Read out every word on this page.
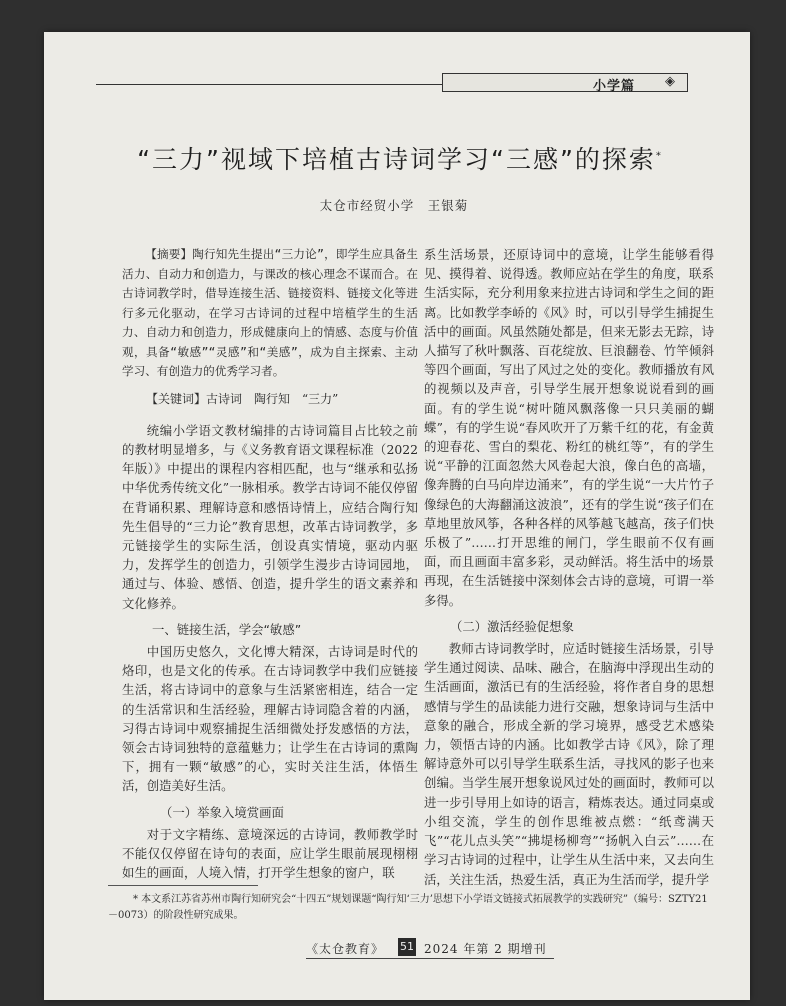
小学篇 ◈
“三力”视域下培植古诗词学习“三感”的探索*
太仓市经贸小学　王银菊

【摘要】陶行知先生提出“三力论”，即学生应具备生活力、自动力和创造力，与课改的核心理念不谋而合。在古诗词教学时，借导连接生活、链接资料、链接文化等进行多元化驱动，在学习古诗词的过程中培植学生的生活力、自动力和创造力，形成健康向上的情感、态度与价值观，具备“敏感”“灵感”和“美感”，成为自主探索、主动学习、有创造力的优秀学习者。

【关键词】古诗词　陶行知　“三力”

统编小学语文教材编排的古诗词篇目占比较之前的教材明显增多，与《义务教育语文课程标准（2022年版）》中提出的课程内容相匹配，也与“继承和弘扬中华优秀传统文化”一脉相承。教学古诗词不能仅停留在背诵积累、理解诗意和感悟诗情上，应结合陶行知先生倡导的“三力论”教育思想，改革古诗词教学，多元链接学生的实际生活，创设真实情境，驱动内驱力，发挥学生的创造力，引领学生漫步古诗词园地，通过与、体验、感悟、创造，提升学生的语文素养和文化修养。

一、链接生活，学会“敏感”

中国历史悠久，文化博大精深，古诗词是时代的烙印，也是文化的传承。在古诗词教学中我们应链接生活，将古诗词中的意象与生活紧密相连，结合一定的生活常识和生活经验，理解古诗词隐含着的内涵，习得古诗词中观察捕捉生活细微处抒发感悟的方法，领会古诗词独特的意蕴魅力；让学生在古诗词的熏陶下，拥有一颗“敏感”的心，实时关注生活，体悟生活，创造美好生活。

（一）举象入境赏画面

对于文字精练、意境深远的古诗词，教师教学时不能仅仅停留在诗句的表面，应让学生眼前展现栩栩如生的画面，人境入情，打开学生想象的窗户，联

系生活场景，还原诗词中的意境，让学生能够看得见、摸得着、说得透。教师应站在学生的角度，联系生活实际，充分利用象来拉进古诗词和学生之间的距离。比如教学李峤的《风》时，可以引导学生捕捉生活中的画面。风虽然随处都是，但来无影去无踪，诗人描写了秋叶飘落、百花绽放、巨浪翻卷、竹竿倾斜等四个画面，写出了风过之处的变化。教师播放有风的视频以及声音，引导学生展开想象说说看到的画面。有的学生说“树叶随风飘落像一只只美丽的蝴蝶”，有的学生说“春风吹开了万紫千红的花，有金黄的迎春花、雪白的梨花、粉红的桃红等”，有的学生说“平静的江面忽然大风卷起大浪，像白色的高墙，像奔腾的白马向岸边涌来”，有的学生说“一大片竹子像绿色的大海翻涌这波浪”，还有的学生说“孩子们在草地里放风筝，各种各样的风筝越飞越高，孩子们快乐极了”……打开思维的闸门，学生眼前不仅有画面，而且画面丰富多彩，灵动鲜活。将生活中的场景再现，在生活链接中深刻体会古诗的意境，可谓一举多得。

（二）激活经验促想象

教师古诗词教学时，应适时链接生活场景，引导学生通过阅读、品味、融合，在脑海中浮现出生动的生活画面，激活已有的生活经验，将作者自身的思想感情与学生的品读能力进行交融，想象诗词与生活中意象的融合，形成全新的学习境界，感受艺术感染力，领悟古诗的内涵。比如教学古诗《风》，除了理解诗意外可以引导学生联系生活，寻找风的影子也来创编。当学生展开想象说风过处的画面时，教师可以进一步引导用上如诗的语言，精炼表达。通过同桌或小组交流，学生的创作思维被点燃：“纸鸢满天飞”“花儿点头笑”“拂堤杨柳弯”“扬帆入白云”……在学习古诗词的过程中，让学生从生活中来，又去向生活，关注生活，热爱生活，真正为生活而学，提升学

* 本文系江苏省苏州市陶行知研究会“十四五”规划课题“陶行知‘三力’思想下小学语文链接式拓展教学的实践研究”（编号：SZTY21－0073）的阶段性研究成果。
《太仓教育》 51 2024 年第 2 期增刊
